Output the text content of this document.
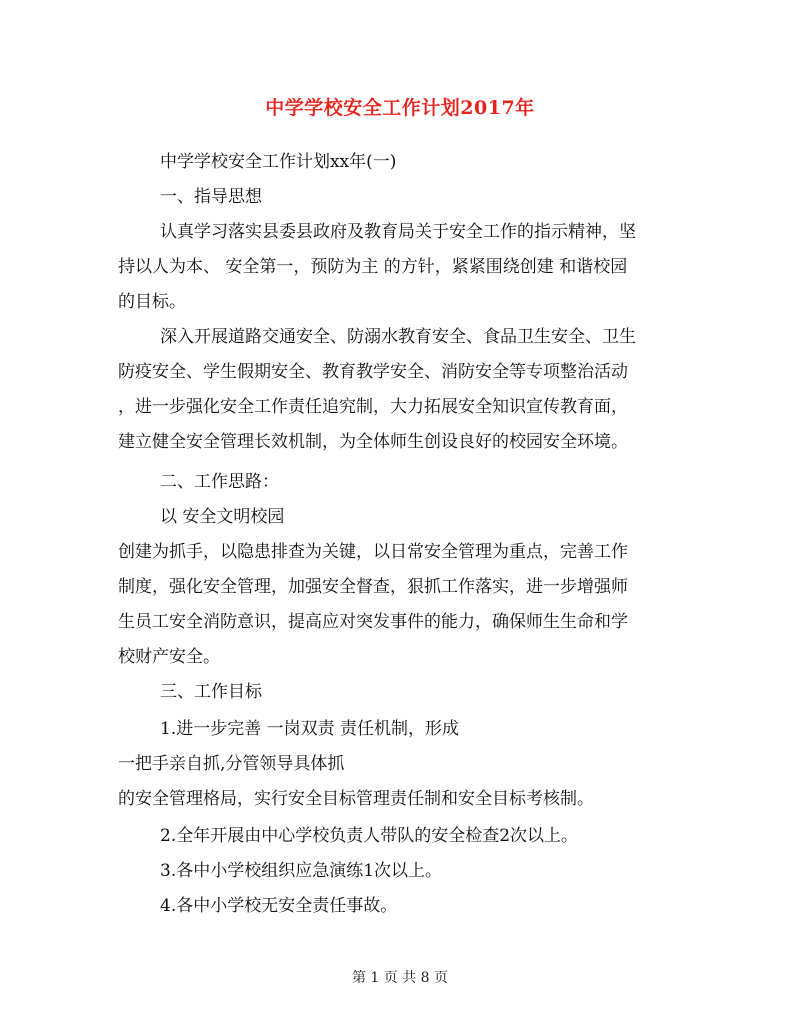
中学学校安全工作计划2017年
中学学校安全工作计划xx年(一)
一、指导思想
认真学习落实县委县政府及教育局关于安全工作的指示精神，坚
持以人为本、 安全第一，预防为主 的方针，紧紧围绕创建 和谐校园
的目标。
深入开展道路交通安全、防溺水教育安全、食品卫生安全、卫生
防疫安全、学生假期安全、教育教学安全、消防安全等专项整治活动
，进一步强化安全工作责任追究制，大力拓展安全知识宣传教育面，
建立健全安全管理长效机制，为全体师生创设良好的校园安全环境。
二、工作思路：
以 安全文明校园
创建为抓手，以隐患排查为关键，以日常安全管理为重点，完善工作
制度，强化安全管理，加强安全督查，狠抓工作落实，进一步增强师
生员工安全消防意识，提高应对突发事件的能力，确保师生生命和学
校财产安全。
三、工作目标
1.进一步完善 一岗双责 责任机制，形成
一把手亲自抓,分管领导具体抓
的安全管理格局，实行安全目标管理责任制和安全目标考核制。
2.全年开展由中心学校负责人带队的安全检查2次以上。
3.各中小学校组织应急演练1次以上。
4.各中小学校无安全责任事故。
第 1 页 共 8 页
